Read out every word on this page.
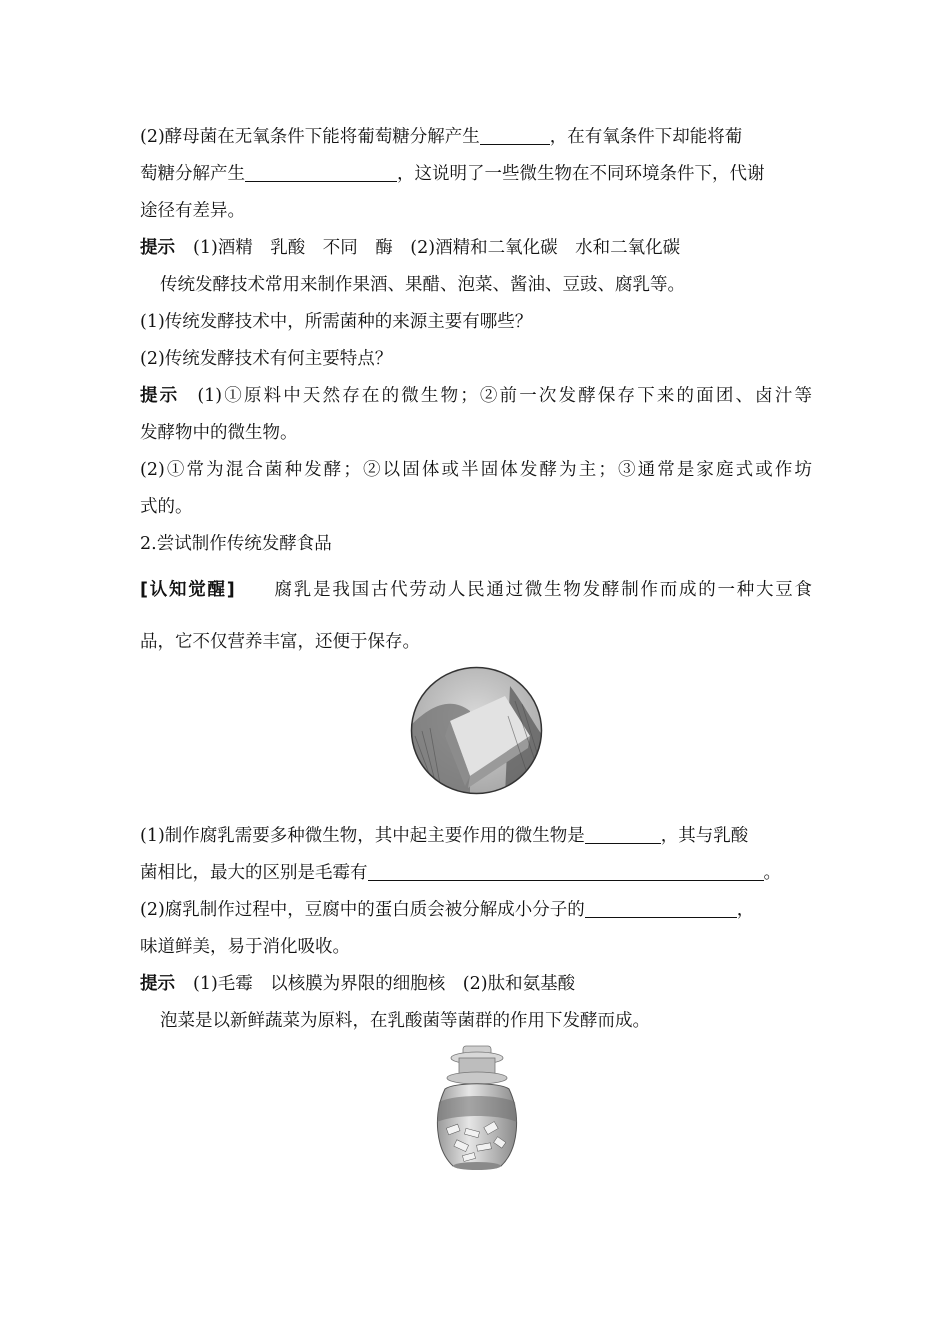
(2)酵母菌在无氧条件下能将葡萄糖分解产生	，在有氧条件下却能将葡
萄糖分解产生	，这说明了一些微生物在不同环境条件下，代谢
途径有差异。
提示 (1)酒精　乳酸　不同　酶　(2)酒精和二氧化碳　水和二氧化碳
传统发酵技术常用来制作果酒、果醋、泡菜、酱油、豆豉、腐乳等。
(1)传统发酵技术中，所需菌种的来源主要有哪些？
(2)传统发酵技术有何主要特点？
提示 (1)①原料中天然存在的微生物；②前一次发酵保存下来的面团、卤汁等
发酵物中的微生物。
(2)①常为混合菌种发酵；②以固体或半固体发酵为主；③通常是家庭式或作坊
式的。
2.尝试制作传统发酵食品
[认知觉醒] 腐乳是我国古代劳动人民通过微生物发酵制作而成的一种大豆食
品，它不仅营养丰富，还便于保存。
(1)制作腐乳需要多种微生物，其中起主要作用的微生物是	，其与乳酸
菌相比，最大的区别是毛霉有	。
(2)腐乳制作过程中，豆腐中的蛋白质会被分解成小分子的	，
味道鲜美，易于消化吸收。
提示 (1)毛霉　以核膜为界限的细胞核　(2)肽和氨基酸
泡菜是以新鲜蔬菜为原料，在乳酸菌等菌群的作用下发酵而成。
